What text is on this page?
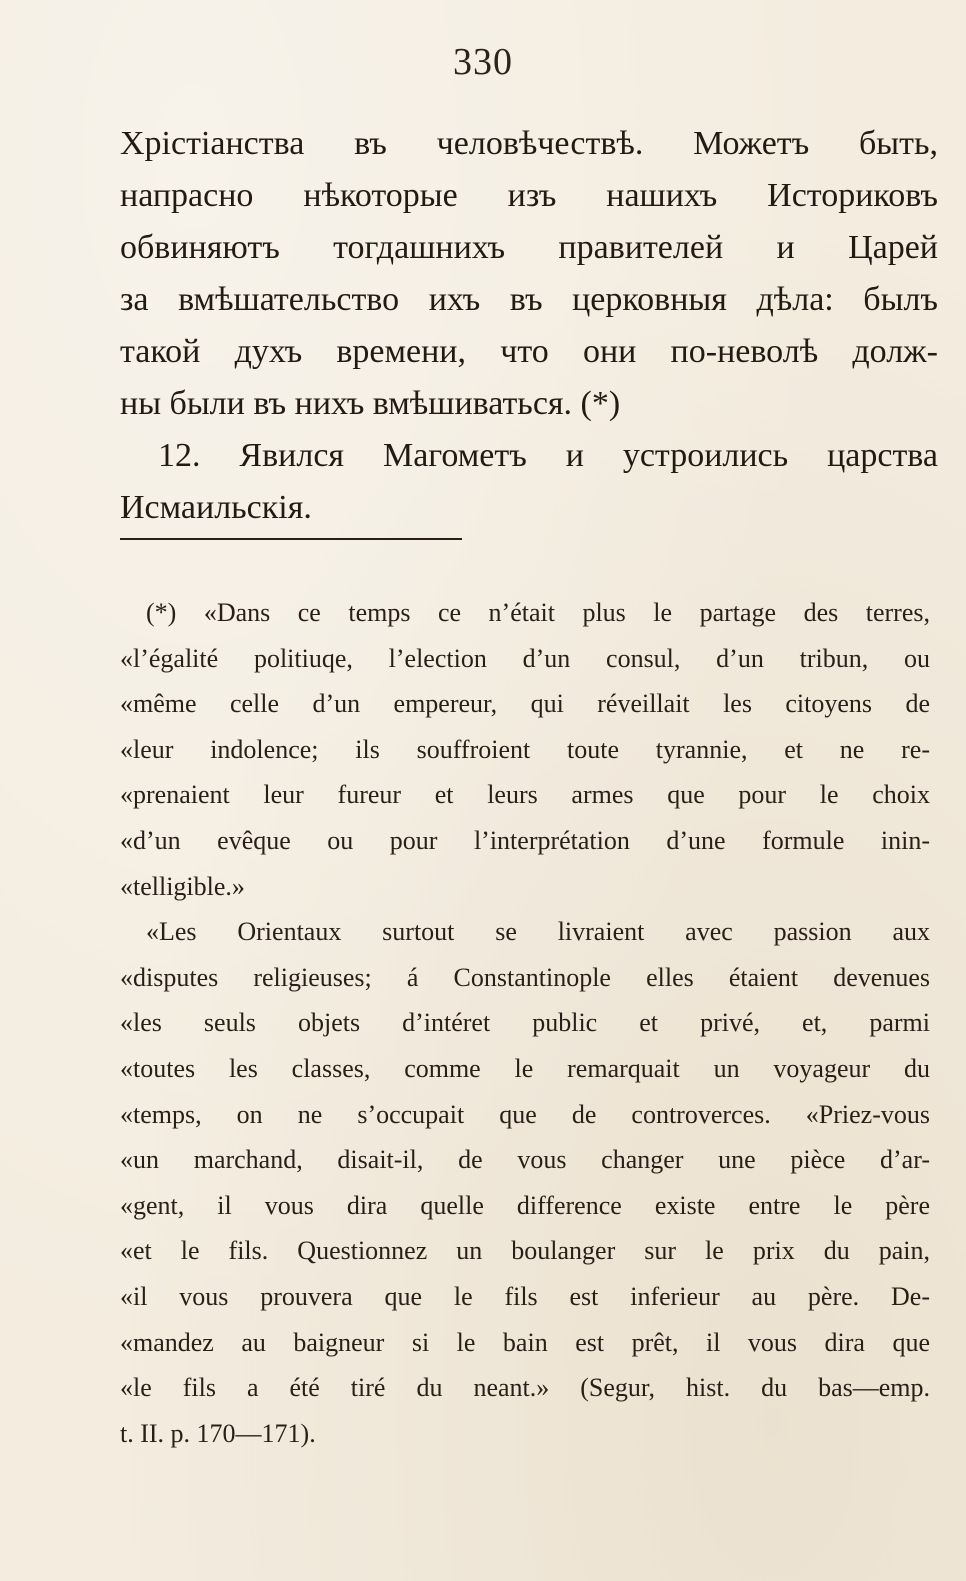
330
Хрістіанства въ человѣчествѣ. Можетъ быть,
напрасно нѣкоторые изъ нашихъ Историковъ
обвиняютъ тогдашнихъ правителей и Царей
за вмѣшательство ихъ въ церковныя дѣла: былъ
такой духъ времени, что они по-неволѣ долж-
ны были въ нихъ вмѣшиваться. (*)
12. Явился Магометъ и устроились царства
Исмаильскія.
(*) «Dans ce temps ce n’était plus le partage des terres,
«l’égalité politiuqe, l’election d’un consul, d’un tribun, ou
«même celle d’un empereur, qui réveillait les citoyens de
«leur indolence; ils souffroient toute tyrannie, et ne re-
«prenaient leur fureur et leurs armes que pour le choix
«d’un evêque ou pour l’interprétation d’une formule inin-
«telligible.»
«Les Orientaux surtout se livraient avec passion aux
«disputes religieuses; á Constantinople elles étaient devenues
«les seuls objets d’intéret public et privé, et, parmi
«toutes les classes, comme le remarquait un voyageur du
«temps, on ne s’occupait que de controverces. «Priez-vous
«un marchand, disait-il, de vous changer une pièce d’ar-
«gent, il vous dira quelle difference existe entre le père
«et le fils. Questionnez un boulanger sur le prix du pain,
«il vous prouvera que le fils est inferieur au père. De-
«mandez au baigneur si le bain est prêt, il vous dira que
«le fils a été tiré du neant.» (Segur, hist. du bas—emp.
t. II. p. 170—171).
